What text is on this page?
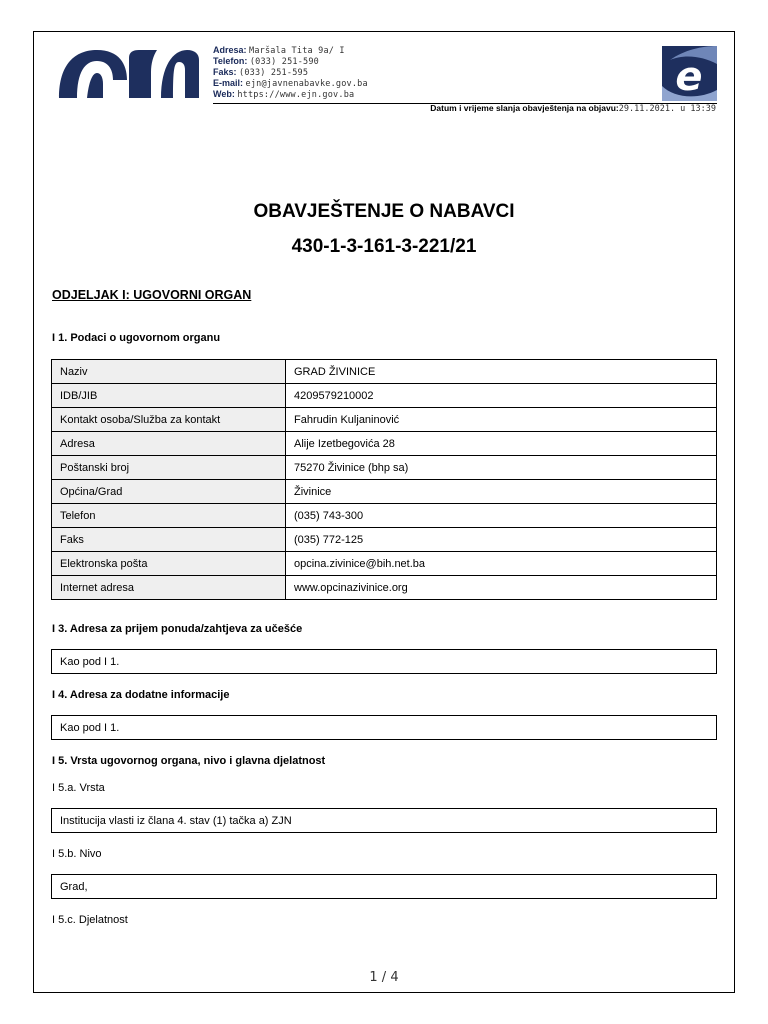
Adresa: Maršala Tita 9a/ I
Telefon: (033) 251-590
Faks: (033) 251-595
E-mail: ejn@javnenabavke.gov.ba
Web: https://www.ejn.gov.ba	e
Datum i vrijeme slanja obavještenja na objavu:29.11.2021. u 13:39
OBAVJEŠTENJE O NABAVCI
430-1-3-161-3-221/21
ODJELJAK I: UGOVORNI ORGAN
I 1. Podaci o ugovornom organu
Naziv	GRAD ŽIVINICE
IDB/JIB	4209579210002
Kontakt osoba/Služba za kontakt	Fahrudin Kuljaninović
Adresa	Alije Izetbegovića 28
Poštanski broj	75270 Živinice (bhp sa)
Općina/Grad	Živinice
Telefon	(035) 743-300
Faks	(035) 772-125
Elektronska pošta	opcina.zivinice@bih.net.ba
Internet adresa	www.opcinazivinice.org
I 3. Adresa za prijem ponuda/zahtjeva za učešće
Kao pod I 1.
I 4. Adresa za dodatne informacije
Kao pod I 1.
I 5. Vrsta ugovornog organa, nivo i glavna djelatnost
I 5.a. Vrsta
Institucija vlasti iz člana 4. stav (1) tačka a) ZJN
I 5.b. Nivo
Grad,
I 5.c. Djelatnost
1 / 4
